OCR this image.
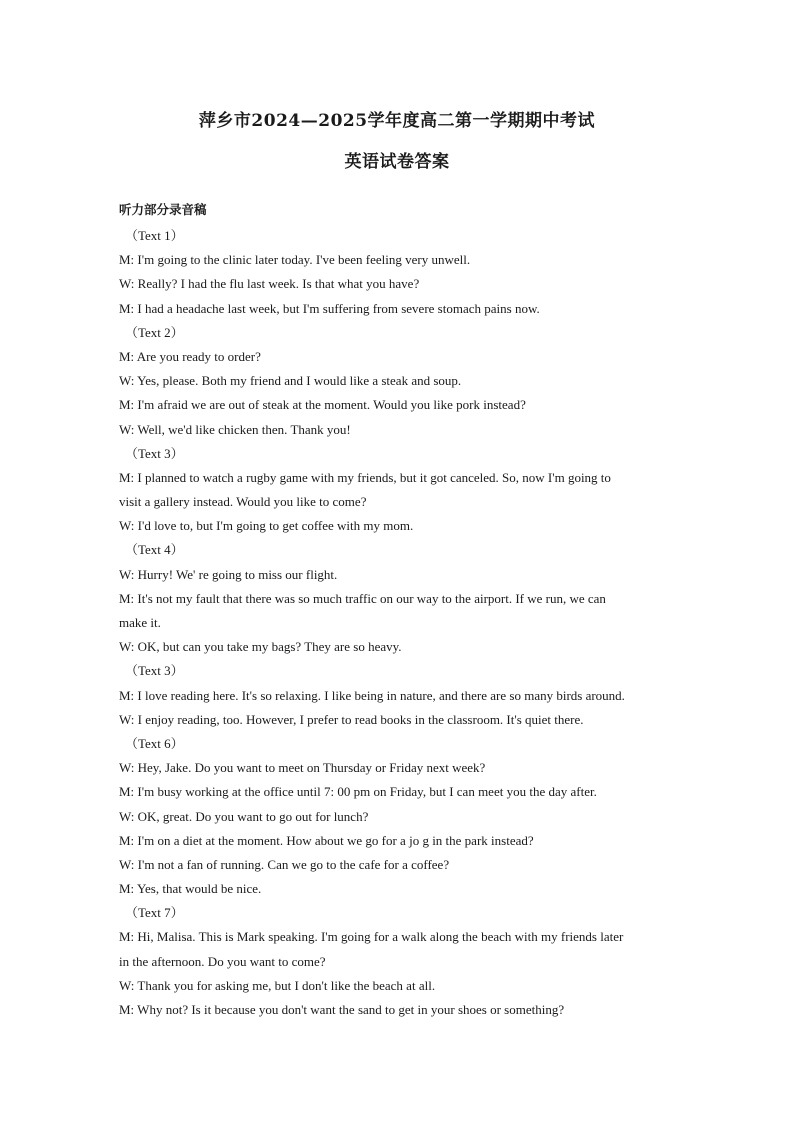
萍乡市2024—2025学年度高二第一学期期中考试
英语试卷答案
听力部分录音稿
（Text 1）
M: I'm going to the clinic later today. I've been feeling very unwell.
W: Really? I had the flu last week. Is that what you have?
M: I had a headache last week, but I'm suffering from severe stomach pains now.
（Text 2）
M: Are you ready to order?
W: Yes, please. Both my friend and I would like a steak and soup.
M: I'm afraid we are out of steak at the moment. Would you like pork instead?
W: Well, we'd like chicken then. Thank you!
（Text 3）
M: I planned to watch a rugby game with my friends, but it got canceled. So, now I'm going to
visit a gallery instead. Would you like to come?
W: I'd love to, but I'm going to get coffee with my mom.
（Text 4）
W: Hurry! We' re going to miss our flight.
M: It's not my fault that there was so much traffic on our way to the airport. If we run, we can
make it.
W: OK, but can you take my bags? They are so heavy.
（Text 3）
M: I love reading here. It's so relaxing. I like being in nature, and there are so many birds around.
W: I enjoy reading, too. However, I prefer to read books in the classroom. It's quiet there.
（Text 6）
W: Hey, Jake. Do you want to meet on Thursday or Friday next week?
M: I'm busy working at the office until 7: 00 pm on Friday, but I can meet you the day after.
W: OK, great. Do you want to go out for lunch?
M: I'm on a diet at the moment. How about we go for a jo g in the park instead?
W: I'm not a fan of running. Can we go to the cafe for a coffee?
M: Yes, that would be nice.
（Text 7）
M: Hi, Malisa. This is Mark speaking. I'm going for a walk along the beach with my friends later
in the afternoon. Do you want to come?
W: Thank you for asking me, but I don't like the beach at all.
M: Why not? Is it because you don't want the sand to get in your shoes or something?
